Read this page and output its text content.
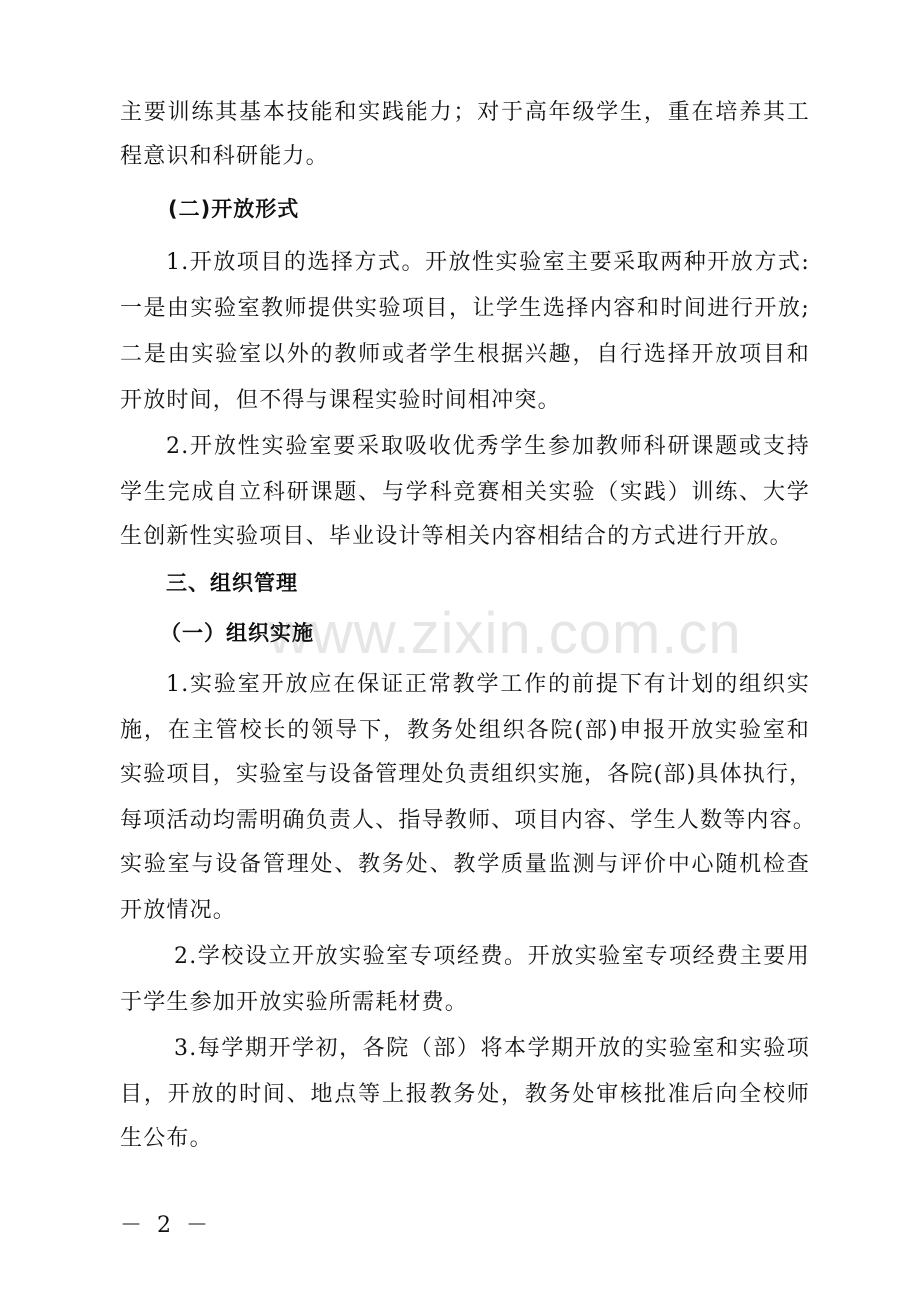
www.zixin.com.cn
主要训练其基本技能和实践能力；对于高年级学生，重在培养其工
程意识和科研能力。
(二)开放形式
1.开放项目的选择方式。开放性实验室主要采取两种开放方式:
一是由实验室教师提供实验项目，让学生选择内容和时间进行开放;
二是由实验室以外的教师或者学生根据兴趣，自行选择开放项目和
开放时间，但不得与课程实验时间相冲突。
2.开放性实验室要采取吸收优秀学生参加教师科研课题或支持
学生完成自立科研课题、与学科竞赛相关实验（实践）训练、大学
生创新性实验项目、毕业设计等相关内容相结合的方式进行开放。
三、组织管理
（一）组织实施
1.实验室开放应在保证正常教学工作的前提下有计划的组织实
施，在主管校长的领导下，教务处组织各院(部)申报开放实验室和
实验项目，实验室与设备管理处负责组织实施，各院(部)具体执行，
每项活动均需明确负责人、指导教师、项目内容、学生人数等内容。
实验室与设备管理处、教务处、教学质量监测与评价中心随机检查
开放情况。
2.学校设立开放实验室专项经费。开放实验室专项经费主要用
于学生参加开放实验所需耗材费。
3.每学期开学初，各院（部）将本学期开放的实验室和实验项
目，开放的时间、地点等上报教务处，教务处审核批准后向全校师
生公布。
－ 2 －
